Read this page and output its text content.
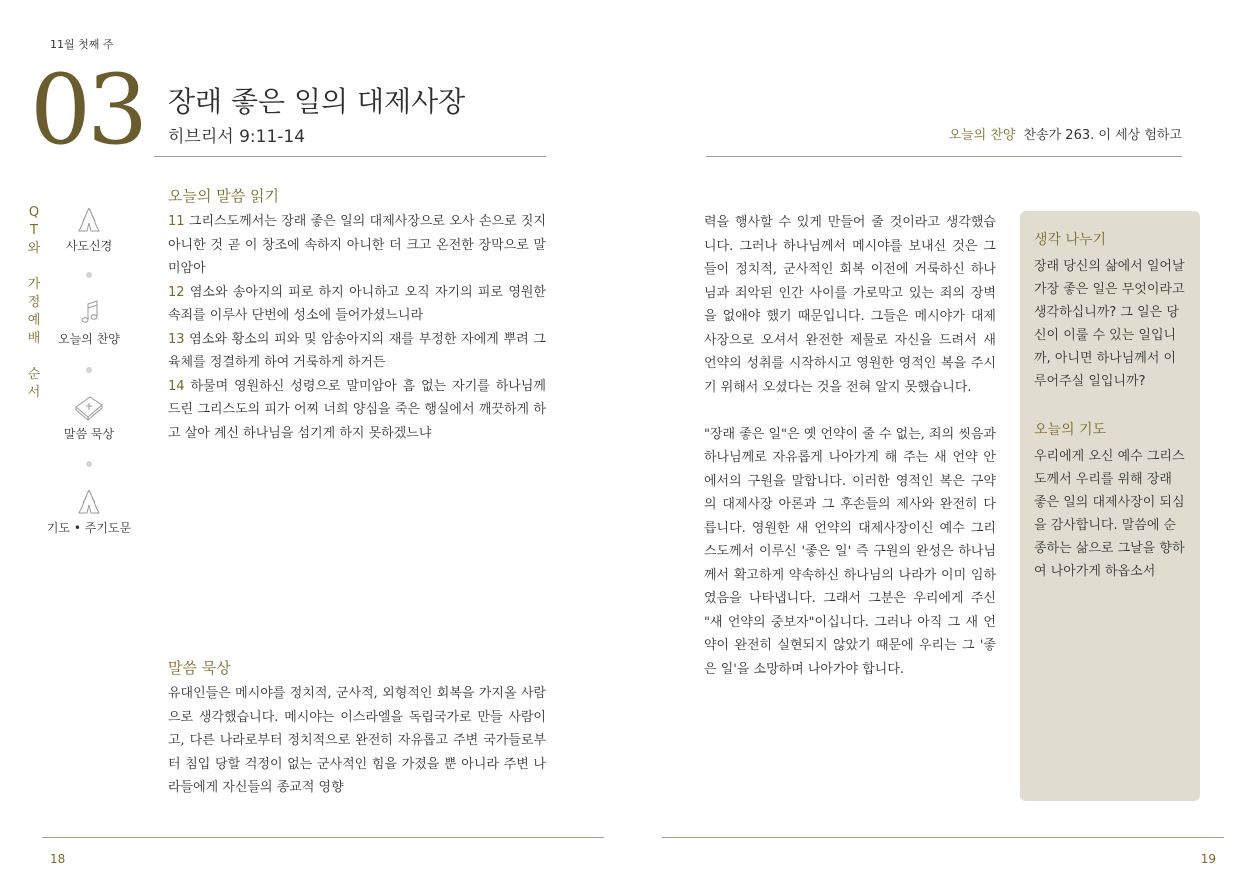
11월 첫째 주
03 장래 좋은 일의 대제사장
히브리서 9:11-14	오늘의 찬양 찬송가 263. 이 세상 험하고
Q
T
와
가
정
예
배
순
서
사도신경
오늘의 찬양
말씀 묵상
기도 • 주기도문
오늘의 말씀 읽기
11 그리스도께서는 장래 좋은 일의 대제사장으로 오사 손으로 짓지 아니한 것 곧 이 창조에 속하지 아니한 더 크고 온전한 장막으로 말미암아
12 염소와 송아지의 피로 하지 아니하고 오직 자기의 피로 영원한 속죄를 이루사 단번에 성소에 들어가셨느니라
13 염소와 황소의 피와 및 암송아지의 재를 부정한 자에게 뿌려 그 육체를 정결하게 하여 거룩하게 하거든
14 하물며 영원하신 성령으로 말미암아 흠 없는 자기를 하나님께 드린 그리스도의 피가 어찌 너희 양심을 죽은 행실에서 깨끗하게 하고 살아 계신 하나님을 섬기게 하지 못하겠느냐
말씀 묵상
유대인들은 메시야를 정치적, 군사적, 외형적인 회복을 가지올 사람으로 생각했습니다. 메시야는 이스라엘을 독립국가로 만들 사람이고, 다른 나라로부터 정치적으로 완전히 자유롭고 주변 국가들로부터 침입 당할 걱정이 없는 군사적인 힘을 가졌을 뿐 아니라 주변 나라들에게 자신들의 종교적 영향
력을 행사할 수 있게 만들어 줄 것이라고 생각했습니다. 그러나 하나님께서 메시야를 보내신 것은 그들이 정치적, 군사적인 회복 이전에 거룩하신 하나님과 죄악된 인간 사이를 가로막고 있는 죄의 장벽을 없애야 했기 때문입니다. 그들은 메시야가 대제사장으로 오셔서 완전한 제물로 자신을 드려서 새 언약의 성취를 시작하시고 영원한 영적인 복을 주시기 위해서 오셨다는 것을 전혀 알지 못했습니다.
"장래 좋은 일"은 옛 언약이 줄 수 없는, 죄의 씻음과 하나님께로 자유롭게 나아가게 해 주는 새 언약 안에서의 구원을 말합니다. 이러한 영적인 복은 구약의 대제사장 아론과 그 후손들의 제사와 완전히 다릅니다. 영원한 새 언약의 대제사장이신 예수 그리스도께서 이루신 '좋은 일' 즉 구원의 완성은 하나님께서 확고하게 약속하신 하나님의 나라가 이미 임하였음을 나타냅니다. 그래서 그분은 우리에게 주신 "새 언약의 중보자"이십니다. 그러나 아직 그 새 언약이 완전히 실현되지 않았기 때문에 우리는 그 '좋은 일'을 소망하며 나아가야 합니다.
생각 나누기
장래 당신의 삶에서 일어날 가장 좋은 일은 무엇이라고 생각하십니까? 그 일은 당신이 이룰 수 있는 일입니까, 아니면 하나님께서 이루어주실 일입니까?
오늘의 기도
우리에게 오신 예수 그리스도께서 우리를 위해 장래 좋은 일의 대제사장이 되심을 감사합니다. 말씀에 순종하는 삶으로 그날을 향하여 나아가게 하옵소서
18	19
